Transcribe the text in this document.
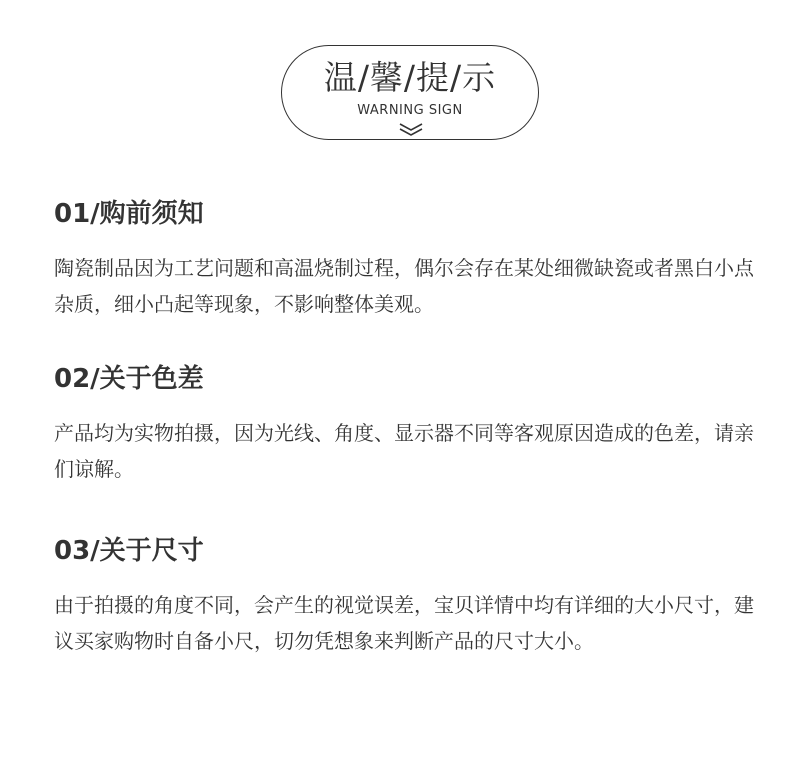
温/馨/提/示
WARNING SIGN
01/购前须知

陶瓷制品因为工艺问题和高温烧制过程，偶尔会存在某处细微缺瓷或者黑白小点杂质，细小凸起等现象，不影响整体美观。

02/关于色差

产品均为实物拍摄，因为光线、角度、显示器不同等客观原因造成的色差，请亲们谅解。

03/关于尺寸

由于拍摄的角度不同，会产生的视觉误差，宝贝详情中均有详细的大小尺寸，建议买家购物时自备小尺，切勿凭想象来判断产品的尺寸大小。
